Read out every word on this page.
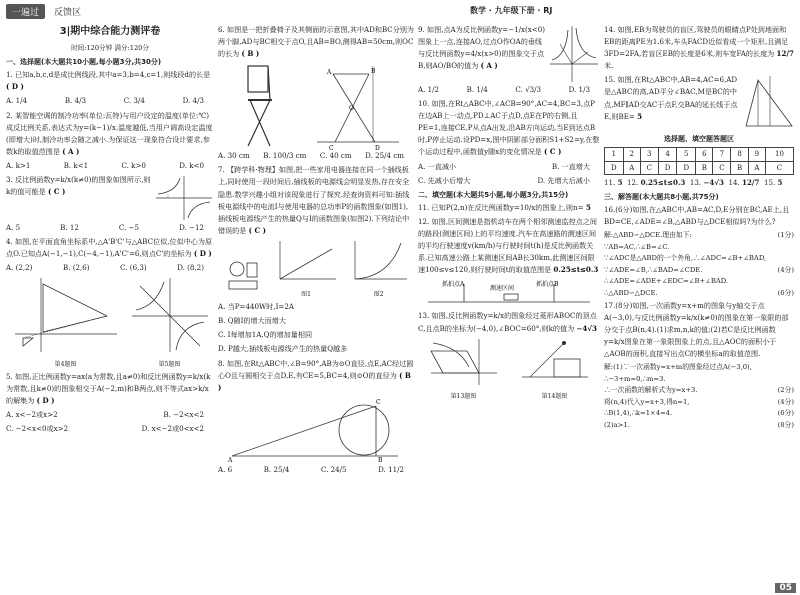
一遍过	反馈区	数学 · 九年级下册 · RJ
3|期中综合能力测评卷
时间:120分钟 满分:120分
一、选择题(本大题共10小题,每小题3分,共30分)
1. 已知a,b,c,d是成比例线段,其中a=3,b=4,c=1,则线段d的长是 ( D )
A. 1/4	B. 4/3	C. 3/4	D. 4/3
2. 某智能空调的制冷功率(单位:瓦特)与用户设定的温度(单位:℃)成反比例关系,表达式为y=(k−1)/x.温度越低,当用户调高设定温度(即增大)时,制冷功率会随之减小.为保证这一现象符合设计要求,参数k的取值范围是 ( A )
A. k>1	B. k<1	C. k>0	D. k<0
3. 反比例函数y=k/x(k≠0)的图象如图所示,则k的值可能是 ( C )
A. 5	B. 12	C. −5	D. −12
4. 如图,在平面直角坐标系中,△A'B'C'与△ABC位似,位似中心为原点O.已知点A(−1,−1),C(−4,−1),A'C'=6,则点C'的坐标为 ( D )
A. (2,2)	B. (2,6)	C. (6,3)	D. (8,2)
第4题图	第5题图
5. 如图,正比例函数y=ax(a为常数,且a≠0)和反比例函数y=k/x(k为常数,且k≠0)的图象相交于A(−2,m)和B两点,则不等式ax>k/x的解集为 ( D )
A. x<−2或x>2	B. −2<x<2
C. −2<x<0或x>2	D. x<−2或0<x<2
6. 如图是一把折叠椅子及其侧面的示意图,其中AD和BC分别为两个脚,AD与BC相交于点O,且AB=BO,测得AB=50cm,则OC的长为 ( B )
A	B
O
C	D
A. 30 cm B. 100/3 cm C. 40 cm D. 25/4 cm
7. 【跨学科·物理】如图,把一些家用电器连接在同一个插线板上,同时使用一段时间后,插线板的电源线会明显发热,存在安全隐患.数学兴趣小组对该现象进行了探究.经查询资料可知:插线板电源线中的电流I与使用电器的总功率P的函数图象(如图1),插线板电源线产生的热量Q与I的函数图象(如图2).下列结论中错误的是 ( C )
图1	图2
A. 当P=440W时,I=2A
B. Q随I的增大而增大
C. I每增加1A,Q的增加量相同
D. P越大,插线板电源线产生的热量Q越多
8. 如图,在Rt△ABC中,∠B=90°,AB为⊙O直径,点E,AC经过圆心O且与圆相交于点D,E,有CE=5,BC=4,则⊙O的直径为 ( B )
A
C
B
A. 6	B. 25/4	C. 24/5	D. 11/2
9. 如图,点A为反比例函数y=−1/x(x<0)图象上一点,连接AO,过点O作OA的垂线与反比例函数y=4/x(x>0)的图象交于点B,则AO/BO的值为 ( A )
A. 1/2	B. 1/4	C. √3/3	D. 1/3
10. 如图,在Rt△ABC中,∠ACB=90°,AC=4,BC=3,点P在边AB上一动点,PD⊥AC于点D,点E在P的右侧,且PE=1,连接CE,P从点A出发,沿AB方向运动,当E到达点B时,P停止运动.设PD=x,图中阴影部分面积S1+S2=y,在整个运动过程中,函数值y随x的变化情况是 ( C )
A. 一直减小	B. 一直增大
C. 先减小后增大	D. 先增大后减小
二、填空题(本大题共5小题,每小题3分,共15分)
11. 已知P(2,n)在反比例函数y=10/x的图象上,则n= 5
12. 如图,区间测速是指机动车在两个相邻测速监控点之间的路段(测速区间)上的平均速度.汽车在高速路的测速区间的平均行驶速度v(km/h)与行驶时间t(h)是反比例函数关系.已知高速公路上某测速区间AB长30km,此测速区间限速100≤v≤120,则行驶时间t的取值范围是 0.25≤t≤0.3
抓拍点A	抓拍点B
测速区间
13. 如图,反比例函数y=k/x的图象经过菱形ABOC的顶点C,且点B的坐标为(−4,0),∠BOC=60°,则k的值为 −4√3
第13题图	第14题图
14. 如图,EB为驾驶员的盲区,驾驶员的眼睛点P处到地面和EB的距离PE为1.6米,车头FACD近似看成一个矩形,且满足3FD=2FA,若盲区EB的长度是6米,则车宽FA的长度为 12/7 米.
15. 如图,在Rt△ABC中,AB=4,AC=6,AD是△ABC的高,AD平分∠BAC,M是BC的中点,MF∥AD交AC于点F,交BA的延长线于点E,则BE= 5
选择题、填空题答题区
1	2	3	4	5	6	7	8	9	10
D	A	C	D	D	B	C	B	A	C
11. 5 12. 0.25≤t≤0.3 13. −4√3 14. 12/7 15. 5
三、解答题(本大题共8小题,共75分)
16.(6分)如图,在△ABC中,AB=AC,D,E分别在BC,AE上,且BD=CE,∠ADE=∠B,△ABD与△DCE相似吗?为什么?
解:△ABD∽△DCE.理由如下:	(1分)
∵AB=AC,∴∠B=∠C.
∵∠ADC是△ABD的一个外角,∴∠ADC=∠B+∠BAD,
∵∠ADE=∠B,∴∠BAD=∠CDE.	(4分)
∴∠ADE=∠ADE+∠EDC=∠B+∠BAD.
∴△ABD∽△DCE.	(6分)
17.(8分)如图,一次函数y=x+m的图象与y轴交于点A(−3,0),与反比例函数y=k/x(k≠0)的图象在第一象限的部分交于点B(n,4).(1)求m,n,k的值;(2)若C是反比例函数y=k/x图象在第一象限图象上的点,且△AOC的面积小于△AOB的面积,直接写出点C的横坐标a的取值范围.
解:(1)∵一次函数y=x+m的图象经过点A(−3,0),
∴−3+m=0,∴m=3.
∴一次函数的解析式为y=x+3.	(2分)
将(n,4)代入y=x+3,得n=1,	(4分)
∴B(1,4),∴k=1×4=4.	(6分)
(2)a>1.	(8分)
05
